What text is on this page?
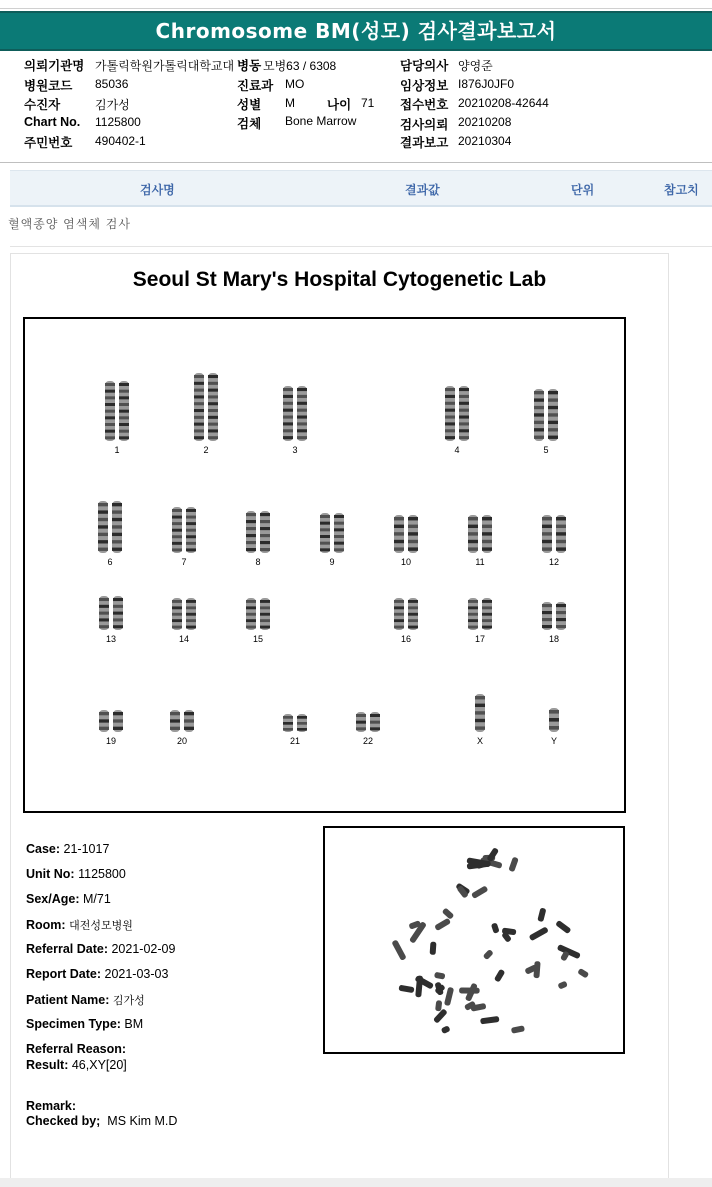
Chromosome BM(성모) 검사결과보고서
의뢰기관명 가톨릭학원가톨릭대학교대 병동 모병63 / 6308	담당의사 양영준
병원코드 85036	진료과 MO	임상정보 I876J0JF0
수진자	김가성	성별 M	나이 71 접수번호 20210208-42644
Chart No. 1125800	검체 Bone Marrow	검사의뢰 20210208
주민번호 490402-1	결과보고 20210304
검사명	결과값	단위	참고치
혈액종양 염색체 검사
Seoul St Mary's Hospital Cytogenetic Lab
1	2	3	4	5
6	7	8	9	10	11	12
13	14	15	16	17	18
19	20	21	22	X	Y
Case: 21-1017
Unit No: 1125800
Sex/Age: M/71
Room: 대전성모병원
Referral Date: 2021-02-09
Report Date: 2021-03-03
Patient Name: 김가성
Specimen Type: BM
Referral Reason:
Result: 46,XY[20]
Remark:
Checked by; MS Kim M.D
